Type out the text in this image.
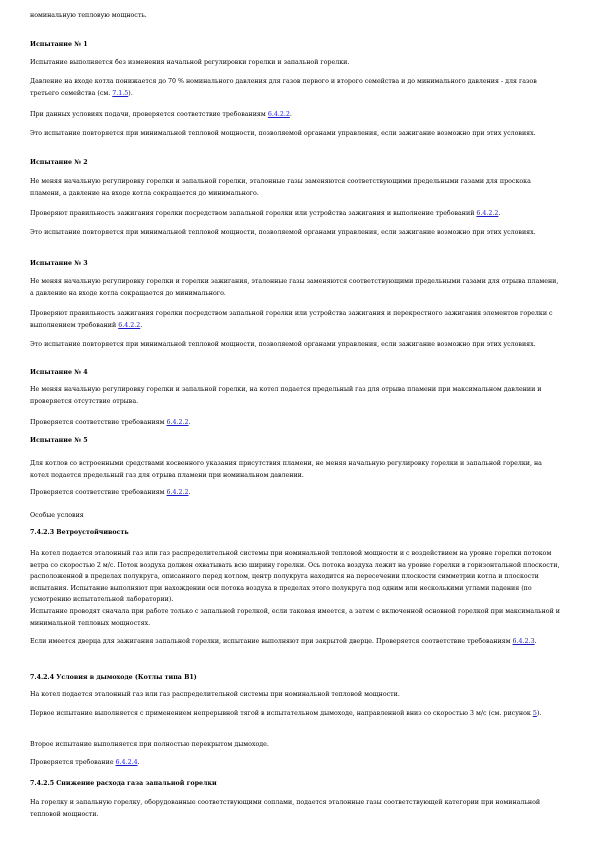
номинальную тепловую мощность.

Испытание № 1

Испытание выполняется без изменения начальной регулировки горелки и запальной горелки.

Давление на входе котла понижается до 70 % номинального давления для газов первого и второго семейства и до минимального давления - для газов третьего семейства (см. 7.1.5).

При данных условиях подачи, проверяется соответствие требованиям 6.4.2.2.

Это испытание повторяется при минимальной тепловой мощности, позволяемой органами управления, если зажигание возможно при этих условиях.

Испытание № 2

Не меняя начальную регулировку горелки и запальной горелки, эталонные газы заменяются соответствующими предельными газами для проскока пламени, а давление на входе котла сокращается до минимального.

Проверяют правильность зажигания горелки посредством запальной горелки или устройства зажигания и выполнение требований 6.4.2.2.

Это испытание повторяется при минимальной тепловой мощности, позволяемой органами управления, если зажигание возможно при этих условиях.

Испытание № 3

Не меняя начальную регулировку горелки и горелки зажигания, эталонные газы заменяются соответствующими предельными газами для отрыва пламени, а давление на входе котла сокращается до минимального.

Проверяют правильность зажигания горелки посредством запальной горелки или устройства зажигания и перекрестного зажигания элементов горелки с выполнением требований 6.4.2.2.

Это испытание повторяется при минимальной тепловой мощности, позволяемой органами управления, если зажигание возможно при этих условиях.

Испытание № 4

Не меняя начальную регулировку горелки и запальной горелки, на котел подается предельный газ для отрыва пламени при максимальном давлении и проверяется отсутствие отрыва.

Проверяется соответствие требованиям 6.4.2.2.

Испытание № 5

Для котлов со встроенными средствами косвенного указания присутствия пламени, не меняя начальную регулировку горелки и запальной горелки, на котел подается предельный газ для отрыва пламени при номинальном давлении.

Проверяется соответствие требованиям 6.4.2.2.

Особые условия

7.4.2.3 Ветроустойчивость

На котел подается эталонный газ или газ распределительной системы при номинальной тепловой мощности и с воздействием на уровне горелки потоком ветра со скоростью 2 м/с. Поток воздуха должен охватывать всю ширину горелки. Ось потока воздуха лежит на уровне горелки в горизонтальной плоскости, расположенной в пределах полукруга, описанного перед котлом, центр полукруга находится на пересечении плоскости симметрии котла и плоскости испытания. Испытание выполняют при нахождении оси потока воздуха в пределах этого полукруга под одним или несколькими углами падения (по усмотрению испытательной лаборатории).

Испытание проводят сначала при работе только с запальной горелкой, если таковая имеется, а затем с включенной основной горелкой при максимальной и минимальной тепловых мощностях.

Если имеется дверца для зажигания запальной горелки, испытание выполняют при закрытой дверце. Проверяется соответствие требованиям 6.4.2.3.

7.4.2.4 Условия в дымоходе (Котлы типа B1)

На котел подается эталонный газ или газ распределительной системы при номинальной тепловой мощности.

Первое испытание выполняется с применением непрерывной тягой в испытательном дымоходе, направленной вниз со скоростью 3 м/с (см. рисунок 5).

Второе испытание выполняется при полностью перекрытом дымоходе.

Проверяется требование 6.4.2.4.

7.4.2.5 Снижение расхода газа запальной горелки

На горелку и запальную горелку, оборудованные соответствующими соплами, подается эталонные газы соответствующей категории при номинальной тепловой мощности.
